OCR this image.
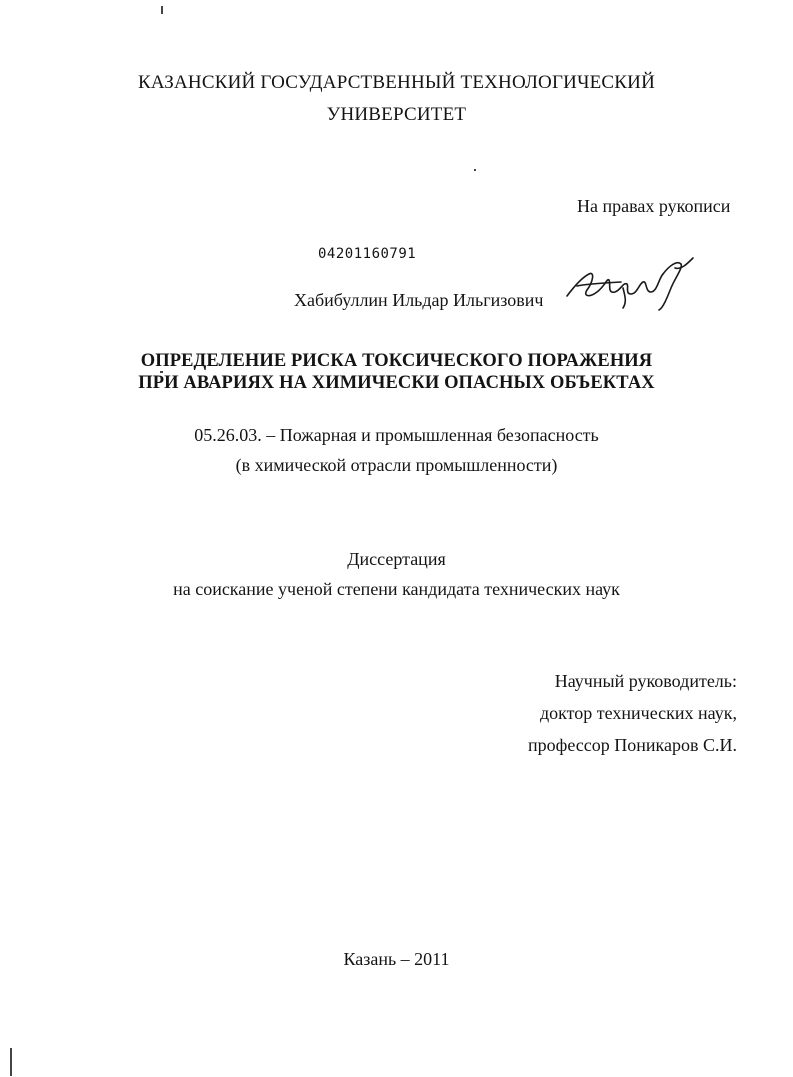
КАЗАНСКИЙ ГОСУДАРСТВЕННЫЙ ТЕХНОЛОГИЧЕСКИЙ
УНИВЕРСИТЕТ
На правах рукописи
04201160791
Хабибуллин Ильдар Ильгизович
ОПРЕДЕЛЕНИЕ РИСКА ТОКСИЧЕСКОГО ПОРАЖЕНИЯ
ПРИ АВАРИЯХ НА ХИМИЧЕСКИ ОПАСНЫХ ОБЪЕКТАХ
05.26.03. – Пожарная и промышленная безопасность
(в химической отрасли промышленности)
Диссертация
на соискание ученой степени кандидата технических наук
Научный руководитель:
доктор технических наук,
профессор Поникаров С.И.
Казань – 2011
